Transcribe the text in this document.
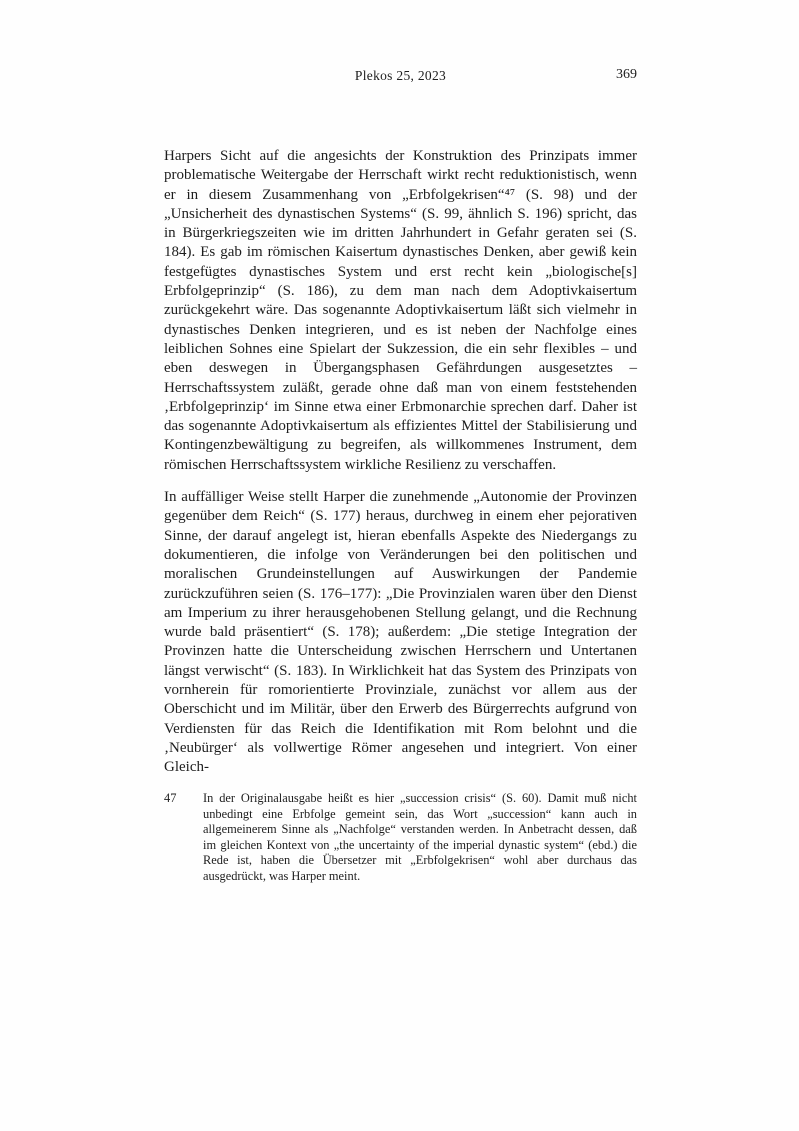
Plekos 25, 2023	369

Harpers Sicht auf die angesichts der Konstruktion des Prinzipats immer problematische Weitergabe der Herrschaft wirkt recht reduktionistisch, wenn er in diesem Zusammenhang von „Erbfolgekrisen“⁴⁷ (S. 98) und der „Unsicherheit des dynastischen Systems“ (S. 99, ähnlich S. 196) spricht, das in Bürgerkriegszeiten wie im dritten Jahrhundert in Gefahr geraten sei (S. 184). Es gab im römischen Kaisertum dynastisches Denken, aber gewiß kein festgefügtes dynastisches System und erst recht kein „biologische[s] Erbfolgeprinzip“ (S. 186), zu dem man nach dem Adoptivkaisertum zurückgekehrt wäre. Das sogenannte Adoptivkaisertum läßt sich vielmehr in dynastisches Denken integrieren, und es ist neben der Nachfolge eines leiblichen Sohnes eine Spielart der Sukzession, die ein sehr flexibles – und eben deswegen in Übergangsphasen Gefährdungen ausgesetztes – Herrschaftssystem zuläßt, gerade ohne daß man von einem feststehenden ‚Erbfolgeprinzip‘ im Sinne etwa einer Erbmonarchie sprechen darf. Daher ist das sogenannte Adoptivkaisertum als effizientes Mittel der Stabilisierung und Kontingenzbewältigung zu begreifen, als willkommenes Instrument, dem römischen Herrschaftssystem wirkliche Resilienz zu verschaffen.

In auffälliger Weise stellt Harper die zunehmende „Autonomie der Provinzen gegenüber dem Reich“ (S. 177) heraus, durchweg in einem eher pejorativen Sinne, der darauf angelegt ist, hieran ebenfalls Aspekte des Niedergangs zu dokumentieren, die infolge von Veränderungen bei den politischen und moralischen Grundeinstellungen auf Auswirkungen der Pandemie zurückzuführen seien (S. 176–177): „Die Provinzialen waren über den Dienst am Imperium zu ihrer herausgehobenen Stellung gelangt, und die Rechnung wurde bald präsentiert“ (S. 178); außerdem: „Die stetige Integration der Provinzen hatte die Unterscheidung zwischen Herrschern und Untertanen längst verwischt“ (S. 183). In Wirklichkeit hat das System des Prinzipats von vornherein für romorientierte Provinziale, zunächst vor allem aus der Oberschicht und im Militär, über den Erwerb des Bürgerrechts aufgrund von Verdiensten für das Reich die Identifikation mit Rom belohnt und die ‚Neubürger‘ als vollwertige Römer angesehen und integriert. Von einer Gleich-

47	In der Originalausgabe heißt es hier „succession crisis“ (S. 60). Damit muß nicht unbedingt eine Erbfolge gemeint sein, das Wort „succession“ kann auch in allgemeinerem Sinne als „Nachfolge“ verstanden werden. In Anbetracht dessen, daß im gleichen Kontext von „the uncertainty of the imperial dynastic system“ (ebd.) die Rede ist, haben die Übersetzer mit „Erbfolgekrisen“ wohl aber durchaus das ausgedrückt, was Harper meint.
